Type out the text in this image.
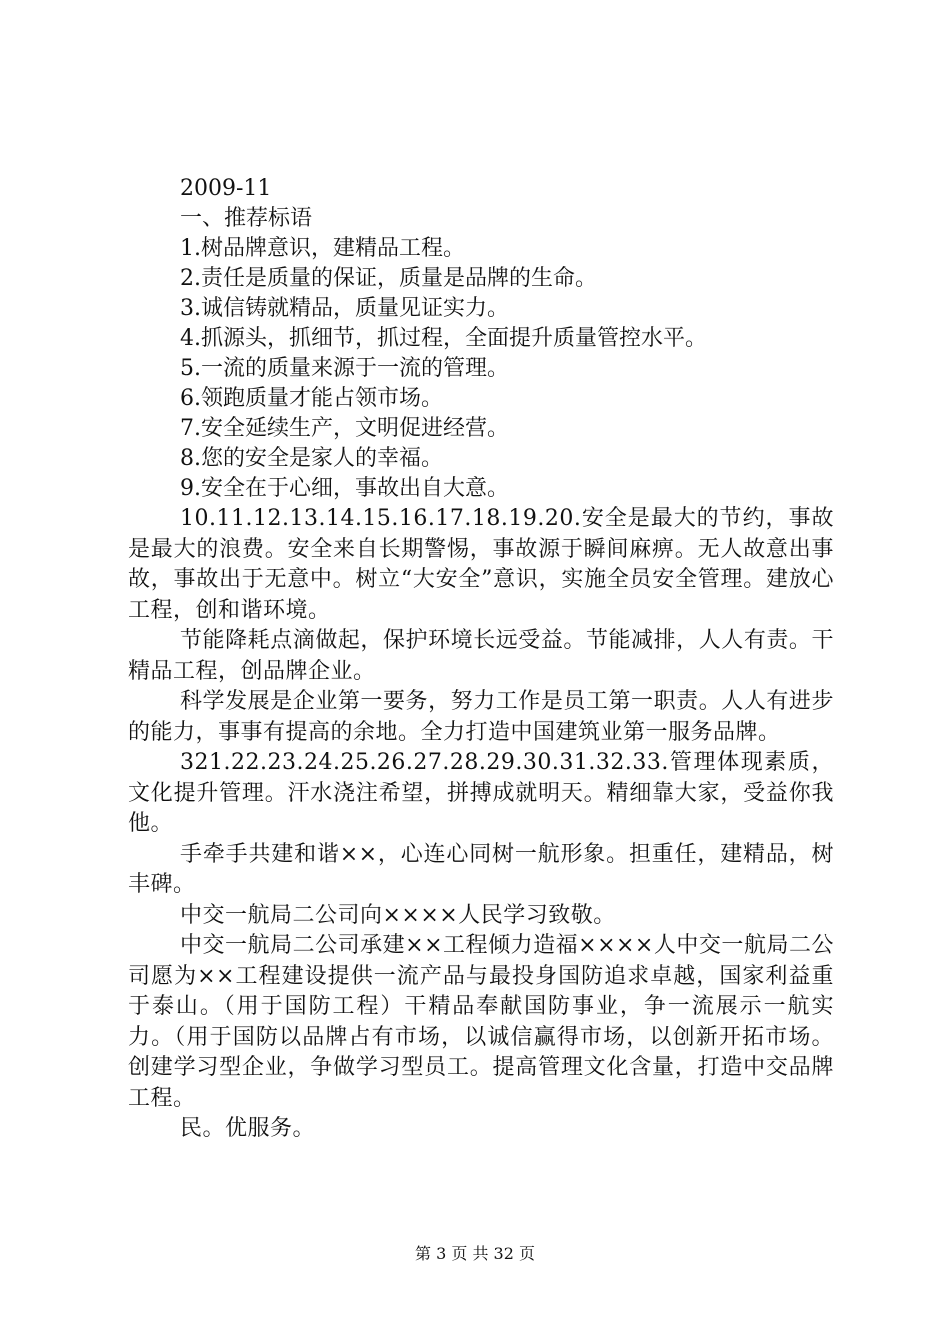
2009-11
一、推荐标语
1.树品牌意识，建精品工程。
2.责任是质量的保证，质量是品牌的生命。
3.诚信铸就精品，质量见证实力。
4.抓源头，抓细节，抓过程，全面提升质量管控水平。
5.一流的质量来源于一流的管理。
6.领跑质量才能占领市场。
7.安全延续生产，文明促进经营。
8.您的安全是家人的幸福。
9.安全在于心细，事故出自大意。

10.11.12.13.14.15.16.17.18.19.20.安全是最大的节约，事故是最大的浪费。安全来自长期警惕，事故源于瞬间麻痹。无人故意出事故，事故出于无意中。树立“大安全”意识，实施全员安全管理。建放心工程，创和谐环境。

节能降耗点滴做起，保护环境长远受益。节能减排，人人有责。干精品工程，创品牌企业。

科学发展是企业第一要务，努力工作是员工第一职责。人人有进步的能力，事事有提高的余地。全力打造中国建筑业第一服务品牌。

321.22.23.24.25.26.27.28.29.30.31.32.33.管理体现素质，文化提升管理。汗水浇注希望，拼搏成就明天。精细靠大家，受益你我他。

手牵手共建和谐××，心连心同树一航形象。担重任，建精品，树丰碑。

中交一航局二公司向××××人民学习致敬。

中交一航局二公司承建××工程倾力造福××××人中交一航局二公司愿为××工程建设提供一流产品与最投身国防追求卓越，国家利益重于泰山。（用于国防工程）干精品奉献国防事业，争一流展示一航实力。（用于国防以品牌占有市场，以诚信赢得市场，以创新开拓市场。创建学习型企业，争做学习型员工。提高管理文化含量，打造中交品牌工程。

民。优服务。

第 3 页 共 32 页
